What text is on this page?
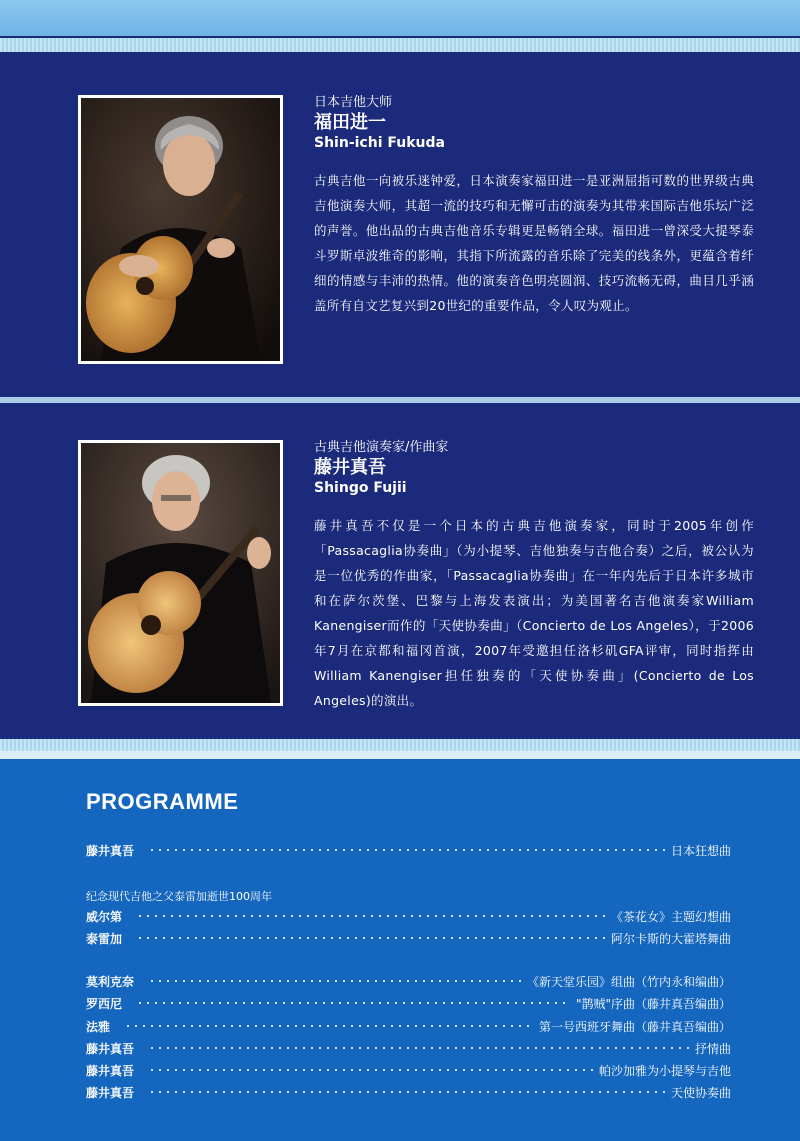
日本吉他大师
福田进一
Shin-ichi Fukuda
古典吉他一向被乐迷钟爱，日本演奏家福田进一是亚洲屈指可数的世界级古典吉他演奏大师，其超一流的技巧和无懈可击的演奏为其带来国际吉他乐坛广泛的声誉。他出品的古典吉他音乐专辑更是畅销全球。福田进一曾深受大提琴泰斗罗斯卓波维奇的影响，其指下所流露的音乐除了完美的线条外，更蕴含着纤细的情感与丰沛的热情。他的演奏音色明亮圆润、技巧流畅无碍，曲目几乎涵盖所有自文艺复兴到20世纪的重要作品，令人叹为观止。
古典吉他演奏家/作曲家
藤井真吾
Shingo Fujii
藤井真吾不仅是一个日本的古典吉他演奏家，同时于2005年创作「Passacaglia协奏曲」（为小提琴、吉他独奏与吉他合奏）之后，被公认为是一位优秀的作曲家，「Passacaglia协奏曲」在一年内先后于日本许多城市和在萨尔茨堡、巴黎与上海发表演出；为美国著名吉他演奏家William Kanengiser而作的「天使协奏曲」（Concierto de Los Angeles），于2006年7月在京都和福冈首演，2007年受邀担任洛杉矶GFA评审，同时指挥由William Kanengiser担任独奏的「天使协奏曲」(Concierto de Los Angeles)的演出。
PROGRAMME
藤井真吾	日本狂想曲
纪念现代吉他之父泰雷加逝世100周年
威尔第	《茶花女》主题幻想曲
泰雷加	阿尔卡斯的大霍塔舞曲
莫利克奈	《新天堂乐园》组曲（竹内永和编曲）
罗西尼	"鹊贼"序曲（藤井真吾编曲）
法雅	第一号西班牙舞曲（藤井真吾编曲）
藤井真吾	抒情曲
藤井真吾	帕沙加雅为小提琴与吉他
藤井真吾	天使协奏曲
